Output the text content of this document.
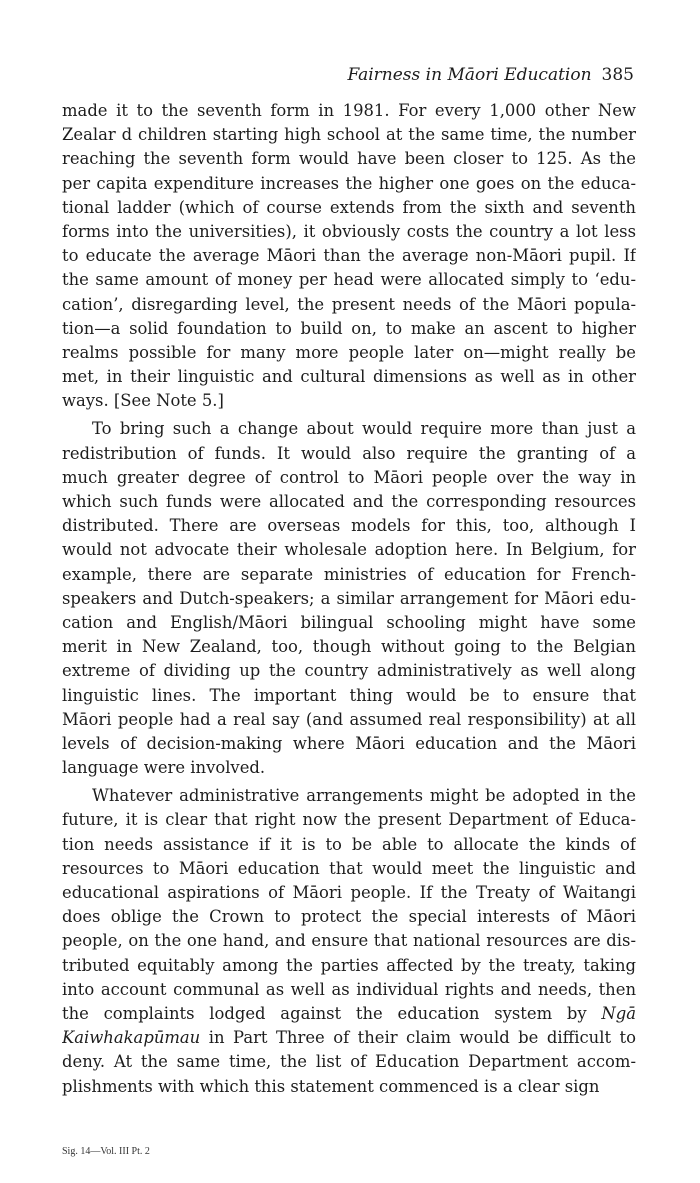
Fairness in Māori Education 385
made it to the seventh form in 1981. For every 1,000 other New
Zealar d children starting high school at the same time, the number
reaching the seventh form would have been closer to 125. As the
per capita expenditure increases the higher one goes on the educa-
tional ladder (which of course extends from the sixth and seventh
forms into the universities), it obviously costs the country a lot less
to educate the average Māori than the average non-Māori pupil. If
the same amount of money per head were allocated simply to ‘edu-
cation’, disregarding level, the present needs of the Māori popula-
tion—a solid foundation to build on, to make an ascent to higher
realms possible for many more people later on—might really be
met, in their linguistic and cultural dimensions as well as in other
ways. [See Note 5.]
To bring such a change about would require more than just a
redistribution of funds. It would also require the granting of a
much greater degree of control to Māori people over the way in
which such funds were allocated and the corresponding resources
distributed. There are overseas models for this, too, although I
would not advocate their wholesale adoption here. In Belgium, for
example, there are separate ministries of education for French-
speakers and Dutch-speakers; a similar arrangement for Māori edu-
cation and English/Māori bilingual schooling might have some
merit in New Zealand, too, though without going to the Belgian
extreme of dividing up the country administratively as well along
linguistic lines. The important thing would be to ensure that
Māori people had a real say (and assumed real responsibility) at all
levels of decision-making where Māori education and the Māori
language were involved.
Whatever administrative arrangements might be adopted in the
future, it is clear that right now the present Department of Educa-
tion needs assistance if it is to be able to allocate the kinds of
resources to Māori education that would meet the linguistic and
educational aspirations of Māori people. If the Treaty of Waitangi
does oblige the Crown to protect the special interests of Māori
people, on the one hand, and ensure that national resources are dis-
tributed equitably among the parties affected by the treaty, taking
into account communal as well as individual rights and needs, then
the complaints lodged against the education system by Ngā
Kaiwhakapūmau in Part Three of their claim would be difficult to
deny. At the same time, the list of Education Department accom-
plishments with which this statement commenced is a clear sign
Sig. 14—Vol. III Pt. 2
